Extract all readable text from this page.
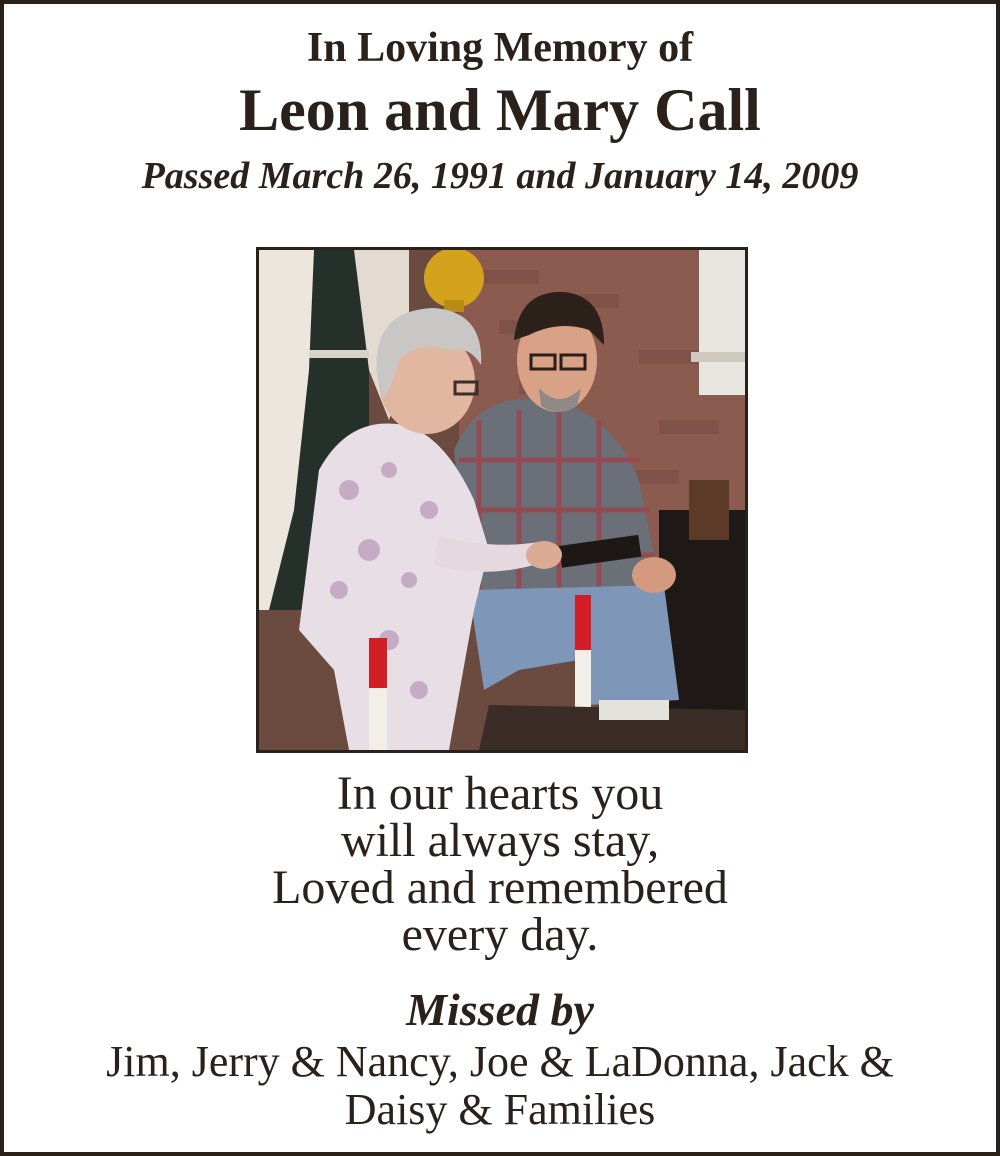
In Loving Memory of

Leon and Mary Call

Passed March 26, 1991 and January 14, 2009

In our hearts you
will always stay,
Loved and remembered
every day.

Missed by

Jim, Jerry & Nancy, Joe & LaDonna, Jack &
Daisy & Families
